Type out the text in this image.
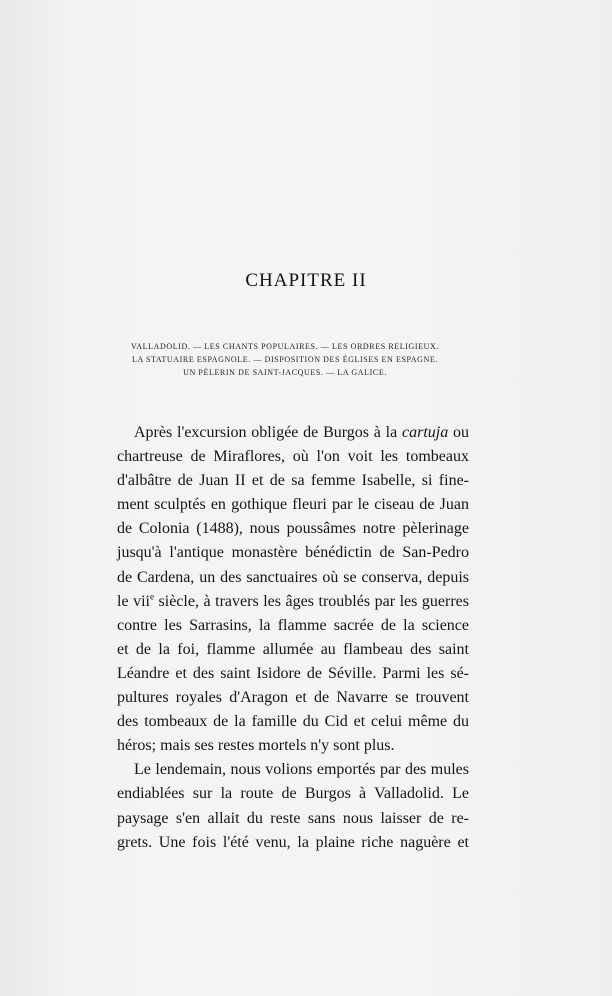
CHAPITRE II

VALLADOLID. — LES CHANTS POPULAIRES. — LES ORDRES RELIGIEUX.
LA STATUAIRE ESPAGNOLE. — DISPOSITION DES ÉGLISES EN ESPAGNE.
UN PÈLERIN DE SAINT-JACQUES. — LA GALICE.

Après l'excursion obligée de Burgos à la cartuja ou
chartreuse de Miraflores, où l'on voit les tombeaux
d'albâtre de Juan II et de sa femme Isabelle, si fine-
ment sculptés en gothique fleuri par le ciseau de Juan
de Colonia (1488), nous poussâmes notre pèlerinage
jusqu'à l'antique monastère bénédictin de San-Pedro
de Cardena, un des sanctuaires où se conserva, depuis
le vii$^e$ siècle, à travers les âges troublés par les guerres
contre les Sarrasins, la flamme sacrée de la science
et de la foi, flamme allumée au flambeau des saint
Léandre et des saint Isidore de Séville. Parmi les sé-
pultures royales d'Aragon et de Navarre se trouvent
des tombeaux de la famille du Cid et celui même du
héros; mais ses restes mortels n'y sont plus.
Le lendemain, nous volions emportés par des mules
endiablées sur la route de Burgos à Valladolid. Le
paysage s'en allait du reste sans nous laisser de re-
grets. Une fois l'été venu, la plaine riche naguère et
